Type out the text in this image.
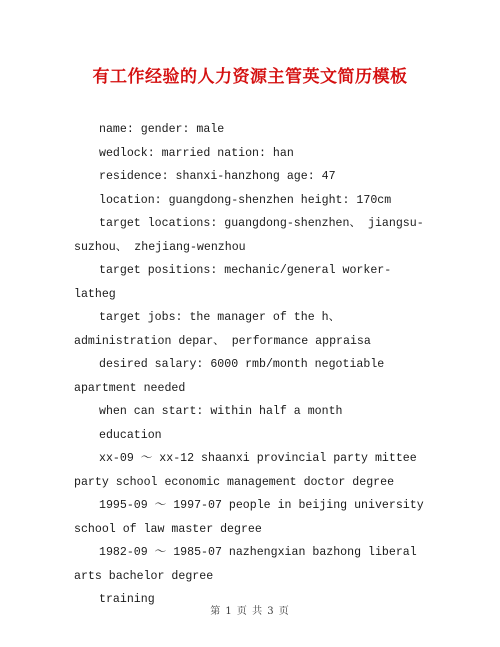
有工作经验的人力资源主管英文简历模板

name: gender: male

wedlock: married nation: han

residence: shanxi-hanzhong age: 47

location: guangdong-shenzhen height: 170cm

target locations: guangdong-shenzhen、 jiangsu-suzhou、 zhejiang-wenzhou

target positions: mechanic/general worker-latheg

target jobs: the manager of the h、 administration depar、 performance appraisa

desired salary: 6000 rmb/month negotiable apartment needed

when can start: within half a month

education

xx-09 ～ xx-12 shaanxi provincial party mittee party school economic management doctor degree

1995-09 ～ 1997-07 people in beijing university school of law master degree

1982-09 ～ 1985-07 nazhengxian bazhong liberal arts bachelor degree

training

第 1 页 共 3 页
